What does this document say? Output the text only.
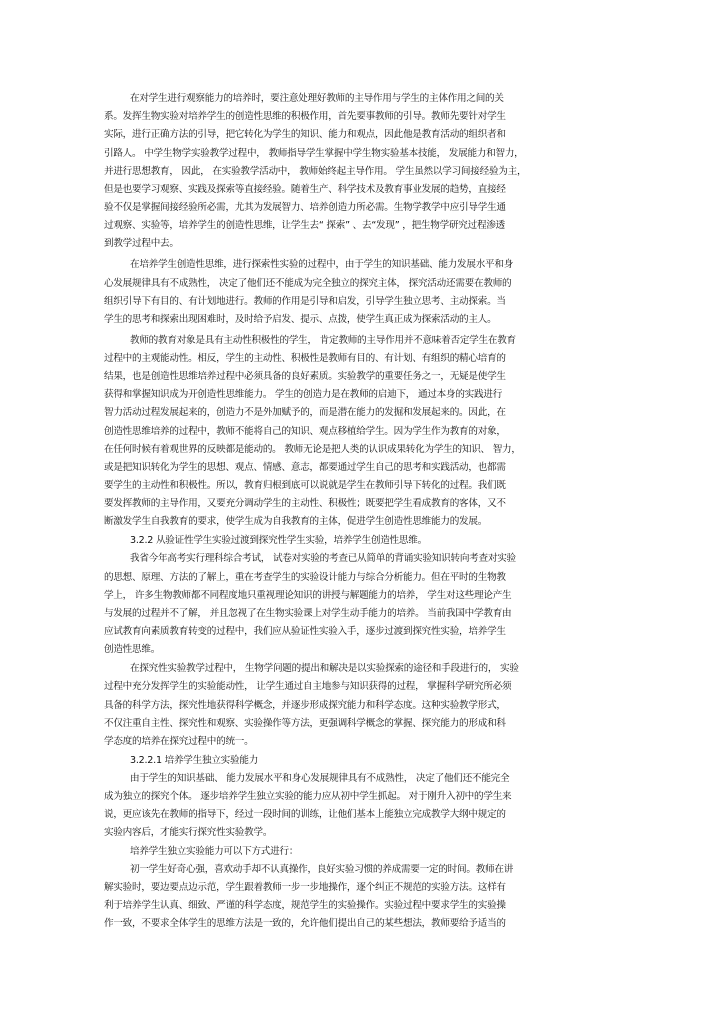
在对学生进行观察能力的培养时，要注意处理好教师的主导作用与学生的主体作用之间的关
系。发挥生物实验对培养学生的创造性思维的积极作用，首先要事教师的引导。教师先要针对学生
实际，进行正确方法的引导，把它转化为学生的知识、能力和观点，因此他是教育活动的组织者和
引路人。 中学生物学实验教学过程中， 教师指导学生掌握中学生物实验基本技能， 发展能力和智力，
并进行思想教育， 因此， 在实验教学活动中， 教师始终起主导作用。 学生虽然以学习间接经验为主，
但是也要学习观察、实践及探索等直接经验。随着生产、科学技术及教育事业发展的趋势，直接经
验不仅是掌握间接经验所必需，尤其为发展智力、培养创造力所必需。生物学教学中应引导学生通
过观察、实验等，培养学生的创造性思维，让学生去“ 探索” 、去“发现” ，把生物学研究过程渗透
到教学过程中去。
在培养学生创造性思维，进行探索性实验的过程中，由于学生的知识基础、能力发展水平和身
心发展规律具有不成熟性， 决定了他们还不能成为完全独立的探究主体， 探究活动还需要在教师的
组织引导下有目的、有计划地进行。教师的作用是引导和启发，引导学生独立思考、主动探索。当
学生的思考和探索出现困难时，及时给予启发、提示、点拨，使学生真正成为探索活动的主人。
教师的教育对象是具有主动性积极性的学生， 肯定教师的主导作用并不意味着否定学生在教育
过程中的主观能动性。相反，学生的主动性、积极性是教师有目的、有计划、有组织的精心培育的
结果，也是创造性思维培养过程中必须具备的良好素质。实验教学的重要任务之一，无疑是使学生
获得和掌握知识成为开创造性思维能力。 学生的创造力是在教师的启迪下， 通过本身的实践进行
智力活动过程发展起来的，创造力不是外加赋予的，而是潜在能力的发掘和发展起来的。因此，在
创造性思维培养的过程中，教师不能将自己的知识、观点移植给学生。因为学生作为教育的对象，
在任何时候有着观世界的反映都是能动的。 教师无论是把人类的认识成果转化为学生的知识、 智力，
或是把知识转化为学生的思想、观点、情感、意志，都要通过学生自己的思考和实践活动，也都需
要学生的主动性和积极性。所以，教育归根到底可以说就是学生在教师引导下转化的过程。我们既
要发挥教师的主导作用，又要充分调动学生的主动性、积极性；既要把学生看成教育的客体，又不
断激发学生自我教育的要求，使学生成为自我教育的主体，促进学生创造性思维能力的发展。
3.2.2 从验证性学生实验过渡到探究性学生实验，培养学生创造性思维。
我省今年高考实行理科综合考试， 试卷对实验的考查已从简单的背诵实验知识转向考查对实验
的思想、原理、方法的了解上，重在考查学生的实验设计能力与综合分析能力。但在平时的生物教
学上， 许多生物教师都不同程度地只重视理论知识的讲授与解题能力的培养， 学生对这些理论产生
与发展的过程并不了解， 并且忽视了在生物实验课上对学生动手能力的培养。 当前我国中学教育由
应试教育向素质教育转变的过程中，我们应从验证性实验入手，逐步过渡到探究性实验，培养学生
创造性思维。
在探究性实验教学过程中， 生物学问题的提出和解决是以实验探索的途径和手段进行的， 实验
过程中充分发挥学生的实验能动性， 让学生通过自主地参与知识获得的过程， 掌握科学研究所必须
具备的科学方法，探究性地获得科学概念，并逐步形成探究能力和科学态度。这种实验教学形式，
不仅注重自主性、探究性和观察、实验操作等方法，更强调科学概念的掌握、探究能力的形成和科
学态度的培养在探究过程中的统一。
3.2.2.1 培养学生独立实验能力
由于学生的知识基础、 能力发展水平和身心发展规律具有不成熟性， 决定了他们还不能完全
成为独立的探究个体。 逐步培养学生独立实验的能力应从初中学生抓起。 对于刚升入初中的学生来
说，更应该先在教师的指导下，经过一段时间的训练，让他们基本上能独立完成教学大纲中规定的
实验内容后，才能实行探究性实验教学。
培养学生独立实验能力可以下方式进行：
初一学生好奇心强，喜欢动手却不认真操作，良好实验习惯的养成需要一定的时间。教师在讲
解实验时，要边要点边示范，学生跟着教师一步一步地操作，逐个纠正不规范的实验方法。这样有
利于培养学生认真、细致、严谨的科学态度，规范学生的实验操作。实验过程中要求学生的实验操
作一致，不要求全体学生的思维方法是一致的，允许他们提出自己的某些想法，教师要给予适当的
